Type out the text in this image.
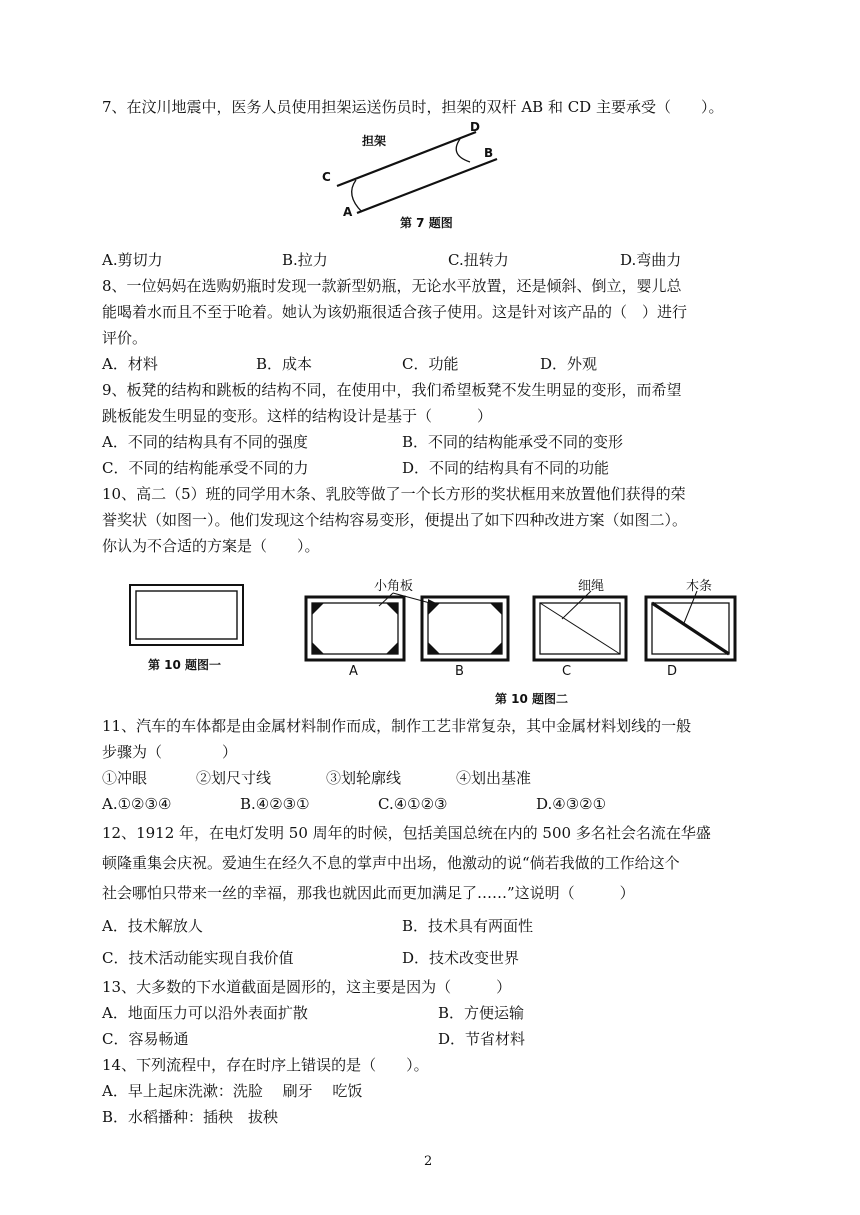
7、在汶川地震中，医务人员使用担架运送伤员时，担架的双杆 AB 和 CD 主要承受（　　）。
担架
C
A
D
B
第 7 题图
A.剪切力	B.拉力	C.扭转力	D.弯曲力
8、一位妈妈在选购奶瓶时发现一款新型奶瓶，无论水平放置，还是倾斜、倒立，婴儿总
能喝着水而且不至于呛着。她认为该奶瓶很适合孩子使用。这是针对该产品的（　）进行
评价。
A．材料	B．成本	C．功能	D．外观
9、板凳的结构和跳板的结构不同，在使用中，我们希望板凳不发生明显的变形，而希望
跳板能发生明显的变形。这样的结构设计是基于（　　　）
A．不同的结构具有不同的强度	B．不同的结构能承受不同的变形
C．不同的结构能承受不同的力	D．不同的结构具有不同的功能
10、高二（5）班的同学用木条、乳胶等做了一个长方形的奖状框用来放置他们获得的荣
誉奖状（如图一）。他们发现这个结构容易变形，便提出了如下四种改进方案（如图二）。
你认为不合适的方案是（　　）。
第 10 题图一
小角板	细绳	木条
A	B	C	D
第 10 题图二
11、汽车的车体都是由金属材料制作而成，制作工艺非常复杂，其中金属材料划线的一般
步骤为（　　　　）
①冲眼	②划尺寸线	③划轮廓线	④划出基准
A.①②③④	B.④②③①	C.④①②③	D.④③②①
12、1912 年，在电灯发明 50 周年的时候，包括美国总统在内的 500 多名社会名流在华盛
顿隆重集会庆祝。爱迪生在经久不息的掌声中出场，他激动的说“倘若我做的工作给这个
社会哪怕只带来一丝的幸福，那我也就因此而更加满足了……”这说明（　　　）
A．技术解放人	B．技术具有两面性
C．技术活动能实现自我价值	D．技术改变世界
13、大多数的下水道截面是圆形的，这主要是因为（　　　）
A．地面压力可以沿外表面扩散	B．方便运输
C．容易畅通	D．节省材料
14、下列流程中，存在时序上错误的是（　　）。
A．早上起床洗漱：洗脸　 刷牙　 吃饭
B．水稻播种：插秧　拔秧
2
